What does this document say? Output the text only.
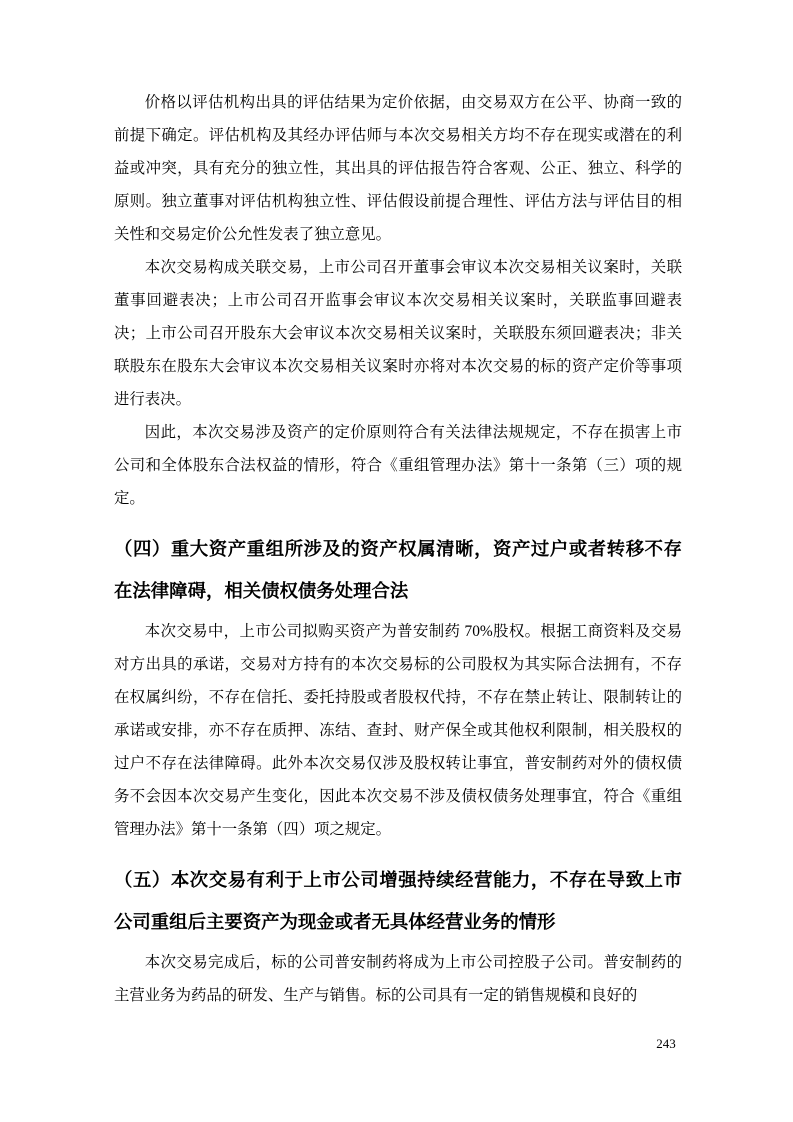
价格以评估机构出具的评估结果为定价依据，由交易双方在公平、协商一致的前提下确定。评估机构及其经办评估师与本次交易相关方均不存在现实或潜在的利益或冲突，具有充分的独立性，其出具的评估报告符合客观、公正、独立、科学的原则。独立董事对评估机构独立性、评估假设前提合理性、评估方法与评估目的相关性和交易定价公允性发表了独立意见。

本次交易构成关联交易，上市公司召开董事会审议本次交易相关议案时，关联董事回避表决；上市公司召开监事会审议本次交易相关议案时，关联监事回避表决；上市公司召开股东大会审议本次交易相关议案时，关联股东须回避表决；非关联股东在股东大会审议本次交易相关议案时亦将对本次交易的标的资产定价等事项进行表决。

因此，本次交易涉及资产的定价原则符合有关法律法规规定，不存在损害上市公司和全体股东合法权益的情形，符合《重组管理办法》第十一条第（三）项的规定。

（四）重大资产重组所涉及的资产权属清晰，资产过户或者转移不存在法律障碍，相关债权债务处理合法

本次交易中，上市公司拟购买资产为普安制药 70%股权。根据工商资料及交易对方出具的承诺，交易对方持有的本次交易标的公司股权为其实际合法拥有，不存在权属纠纷，不存在信托、委托持股或者股权代持，不存在禁止转让、限制转让的承诺或安排，亦不存在质押、冻结、查封、财产保全或其他权利限制，相关股权的过户不存在法律障碍。此外本次交易仅涉及股权转让事宜，普安制药对外的债权债务不会因本次交易产生变化，因此本次交易不涉及债权债务处理事宜，符合《重组管理办法》第十一条第（四）项之规定。

（五）本次交易有利于上市公司增强持续经营能力，不存在导致上市公司重组后主要资产为现金或者无具体经营业务的情形

本次交易完成后，标的公司普安制药将成为上市公司控股子公司。普安制药的主营业务为药品的研发、生产与销售。标的公司具有一定的销售规模和良好的

243
